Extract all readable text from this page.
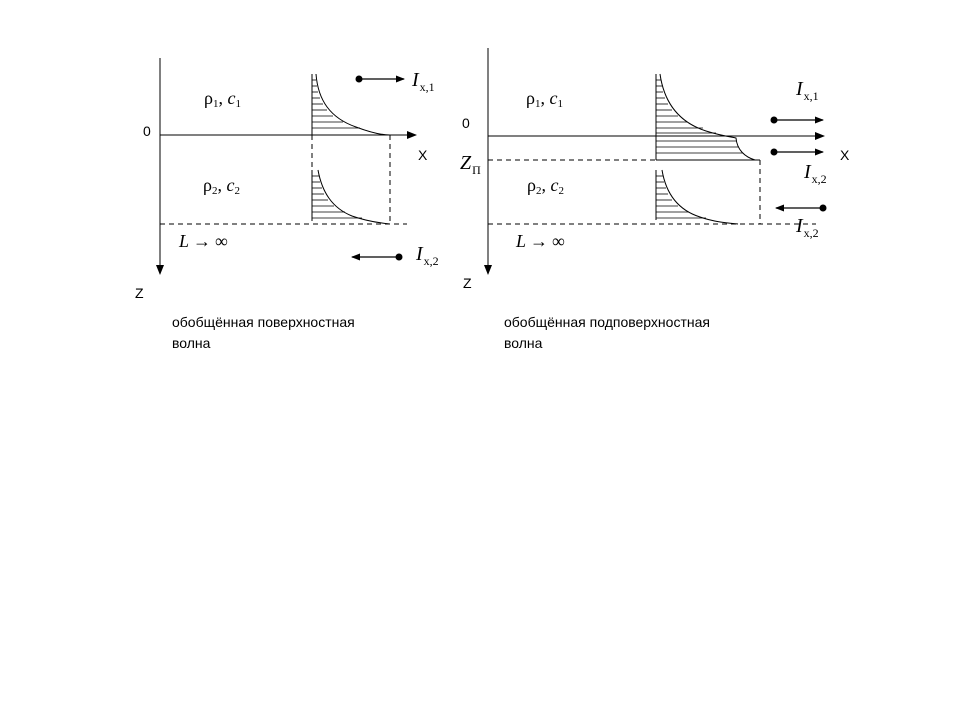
0
X
Z
ρ1, c1
ρ2, c2
L → ∞
$I_{x,1}$
$I_{x,2}$
0
X
Z
$Z_П$
ρ1, c1
ρ2, c2
L → ∞
$I_{x,1}$
$I_{x,2}$
$I_{x,2}$
обобщённая поверхностная
волна
обобщённая подповерхностная
волна
